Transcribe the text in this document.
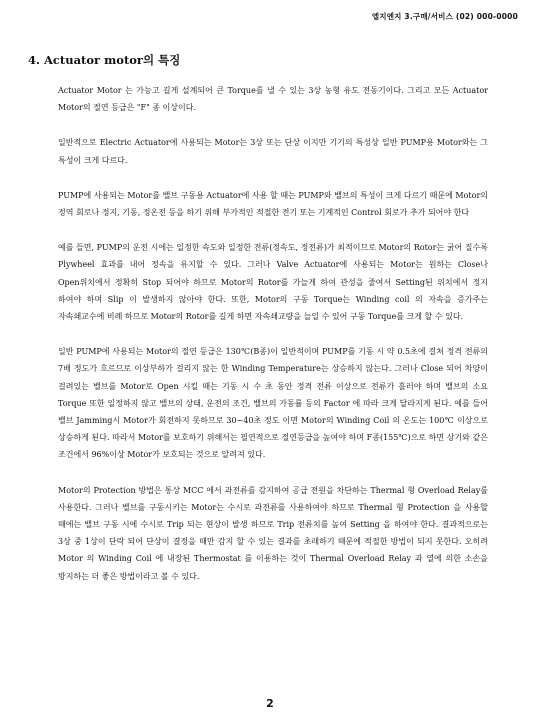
엘지엔지 3.구매/서비스 (02) 000-0000
4. Actuator motor의 특징

Actuator Motor 는 가능고 길게 설계되어 큰 Torque를 낼 수 있는 3상 농형 유도 전동기이다. 그리고 모든 Actuator Motor의 절연 등급은 "F" 종 이상이다.

일반적으로 Electric Actuator에 사용되는 Motor는 3상 또는 단상 이지만 기기의 특성상 일반 PUMP용 Motor와는 그 특성이 크게 다르다.

PUMP에 사용되는 Motor를 밸브 구동용 Actuator에 사용 할 때는 PUMP와 밸브의 특성이 크게 다르기 때문에 Motor의 정역 회로나 정지, 기동, 정온전 등을 하기 위해 부가적인 적절한 전기 또는 기계적인 Control 회로가 추가 되어야 한다

예를 들면, PUMP의 운전 시에는 일정한 속도와 일정한 전류(정속도, 정전류)가 최적이므로 Motor의 Rotor는 굵어 질수록 Plywheel 효과를 내어 정속을 유지할 수 있다. 그러나 Valve Actuator에 사용되는 Motor는 원하는 Close나 Open위치에서 정확히 Stop 되어야 하므로 Motor의 Rotor를 가늘게 하여 관성을 줄여서 Setting된 위치에서 정지 하여야 하며 Slip 이 발생하지 않아야 한다. 또한, Motor의 구동 Torque는 Winding coil 의 자속을 증가주는 자속쇄교수에 비례 하므로 Motor의 Rotor를 길게 하면 자속쇄교량을 늘일 수 있어 구동 Torque를 크게 할 수 있다.

일반 PUMP에 사용되는 Motor의 절연 등급은 130℃(B종)이 일반적이며 PUMP를 기동 시 약 0.5초에 걸쳐 정격 전류의 7배 정도가 흐르므로 이상부하가 걸리지 않는 한 Winding Temperature는 상승하지 않는다. 그러나 Close 되어 차양이 걸려있는 밸브를 Motor로 Open 시킬 때는 기동 시 수 초 동안 정격 전류 이상으로 전류가 흘러야 하며 밸브의 소요 Torque 또한 일정하지 않고 밸브의 상태, 운전의 조건, 밸브의 가동률 등의 Factor 에 따라 크게 달라지게 된다. 예를 들어 밸브 Jamming시 Motor가 회전하지 못하므로 30~40초 정도 이면 Motor의 Winding Coil 의 온도는 100℃ 이상으로 상승하게 된다. 따라서 Motor를 보호하기 위해서는 필연적으로 절연등급을 높여야 하며 F종(155℃)으로 하면 상기와 같은 조건에서 96%이상 Motor가 보호되는 것으로 알려져 있다.

Motor의 Protection 방법은 통상 MCC 에서 과전류를 감지하여 공급 전원을 차단하는 Thermal 형 Overload Relay를 사용한다. 그러나 밸브를 구동시키는 Motor는 수시로 과전류를 사용하여야 하므로 Thermal 형 Protection 을 사용할 때에는 밸브 구동 시에 수시로 Trip 되는 현상이 발생 하므로 Trip 전류치를 높여 Setting 을 하여야 한다. 결과적으로는 3상 중 1상이 단락 되어 단상이 결정을 때만 감지 할 수 있는 결과를 초래하기 때문에 적절한 방법이 되지 못한다. 오히려 Motor 의 Winding Coil 에 내장된 Thermostat 를 이용하는 것이 Thermal Overload Relay 과 열에 의한 소손을 방지하는 더 좋은 방법이라고 볼 수 있다.

2
